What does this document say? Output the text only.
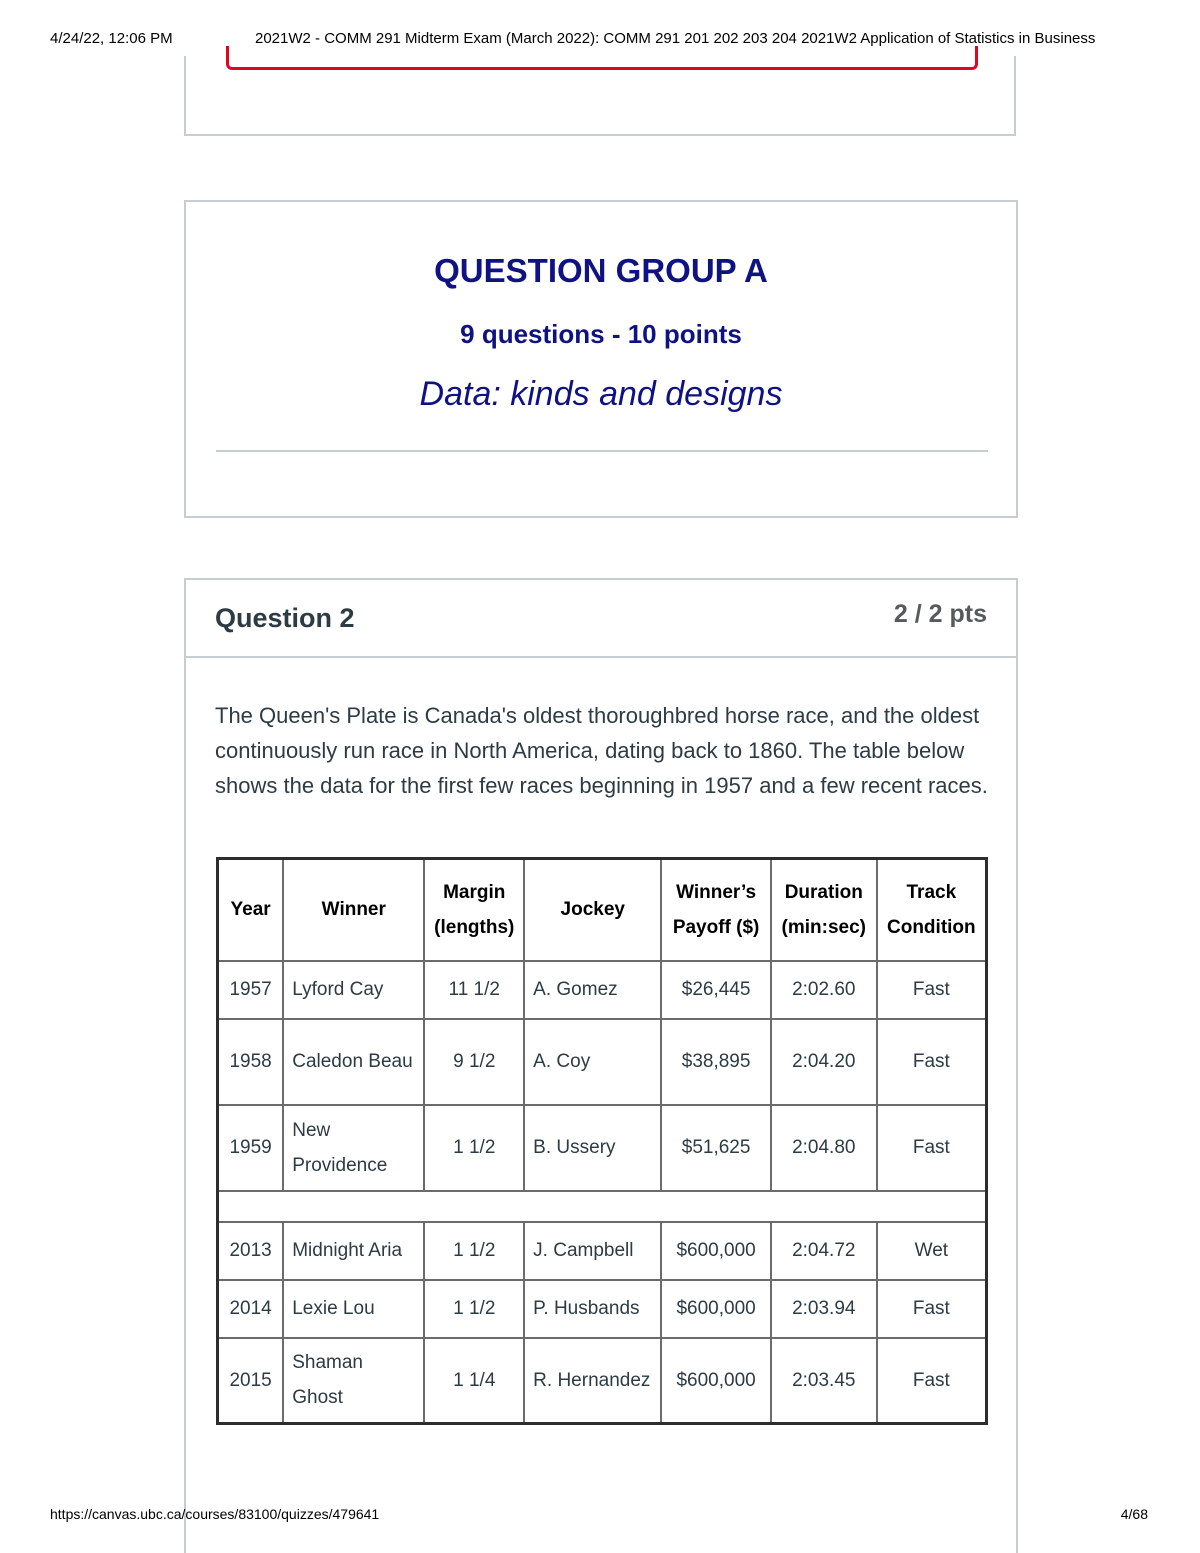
4/24/22, 12:06 PM	2021W2 - COMM 291 Midterm Exam (March 2022): COMM 291 201 202 203 204 2021W2 Application of Statistics in Business
QUESTION GROUP A
9 questions - 10 points
Data: kinds and designs
Question 2	2 / 2 pts
The Queen's Plate is Canada's oldest thoroughbred horse race, and the oldest continuously run race in North America, dating back to 1860. The table below shows the data for the first few races beginning in 1957 and a few recent races.
Year	Winner	Margin (lengths)	Jockey	Winner’s Payoff ($)	Duration (min:sec)	Track Condition
1957	Lyford Cay	11 1/2	A. Gomez	$26,445	2:02.60	Fast
1958	Caledon Beau	9 1/2	A. Coy	$38,895	2:04.20	Fast
1959	New Providence	1 1/2	B. Ussery	$51,625	2:04.80	Fast

2013	Midnight Aria	1 1/2	J. Campbell	$600,000	2:04.72	Wet
2014	Lexie Lou	1 1/2	P. Husbands	$600,000	2:03.94	Fast
2015	Shaman Ghost	1 1/4	R. Hernandez	$600,000	2:03.45	Fast
https://canvas.ubc.ca/courses/83100/quizzes/479641	4/68
